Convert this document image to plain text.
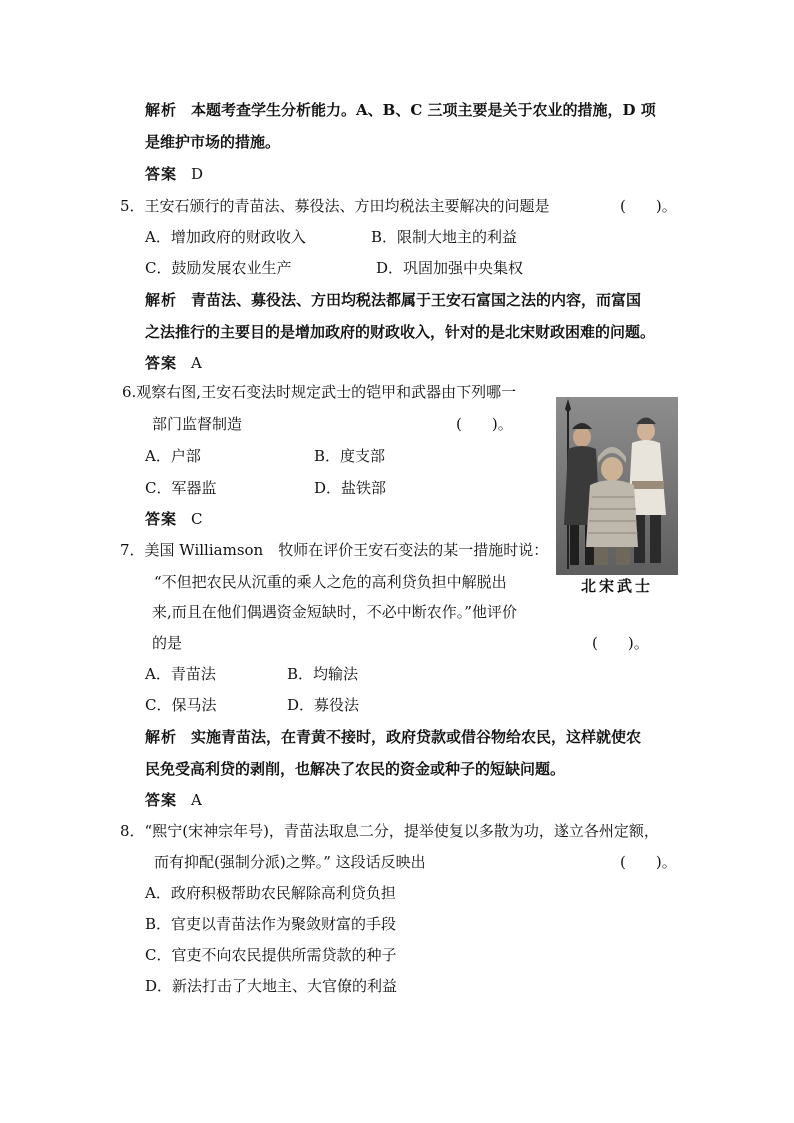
解析 本题考查学生分析能力。A、B、C 三项主要是关于农业的措施，D 项
是维护市场的措施。
答案 D
5．王安石颁行的青苗法、募役法、方田均税法主要解决的问题是	(　　)。
A．增加政府的财政收入	B．限制大地主的利益
C．鼓励发展农业生产	D．巩固加强中央集权
解析 青苗法、募役法、方田均税法都属于王安石富国之法的内容，而富国
之法推行的主要目的是增加政府的财政收入，针对的是北宋财政困难的问题。
答案 A
6.观察右图,王安石变法时规定武士的铠甲和武器由下列哪一
部门监督制造	(　　)。
A．户部	B．度支部
C．军器监	D．盐铁部
答案 C
北宋武士
7．美国 Williamson　牧师在评价王安石变法的某一措施时说：
“不但把农民从沉重的乘人之危的高利贷负担中解脱出
来,而且在他们偶遇资金短缺时，不必中断农作。”他评价
的是	(　　)。
A．青苗法	B．均输法
C．保马法	D．募役法
解析 实施青苗法，在青黄不接时，政府贷款或借谷物给农民，这样就使农
民免受高利贷的剥削，也解决了农民的资金或种子的短缺问题。
答案 A
8．“熙宁(宋神宗年号)，青苗法取息二分，提举使复以多散为功，遂立各州定额，
而有抑配(强制分派)之弊。” 这段话反映出	(　　)。
A．政府积极帮助农民解除高利贷负担
B．官吏以青苗法作为聚敛财富的手段
C．官吏不向农民提供所需贷款的种子
D．新法打击了大地主、大官僚的利益
